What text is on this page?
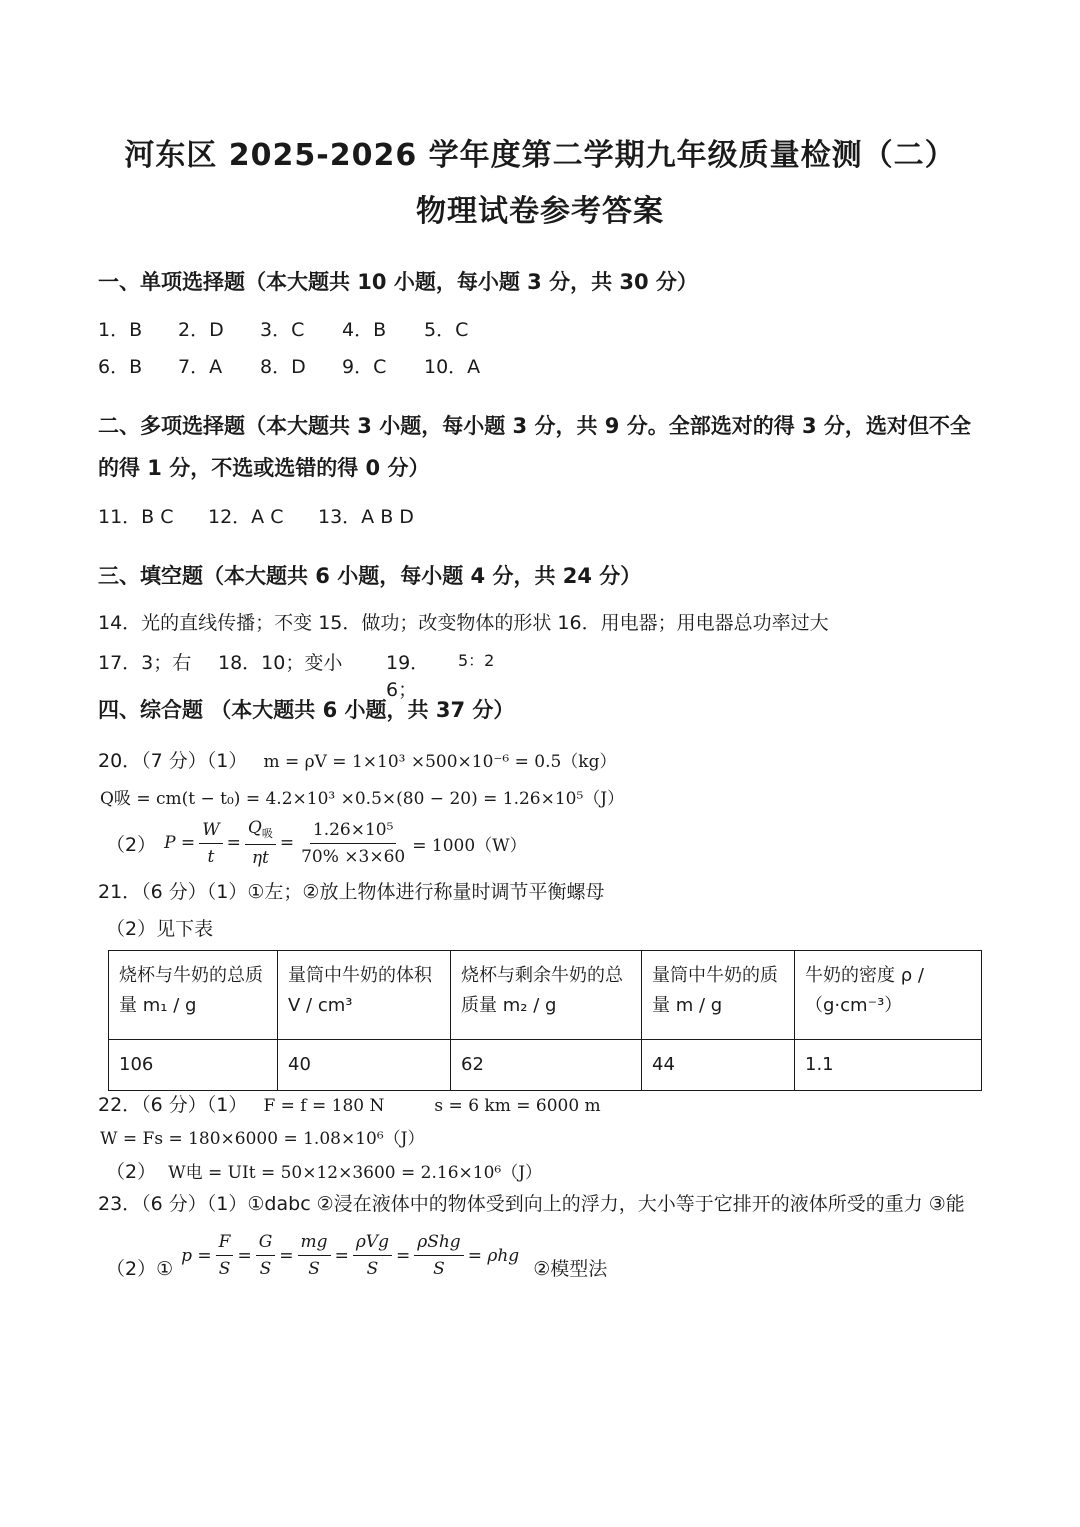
河东区 2025-2026 学年度第二学期九年级质量检测（二）
物理试卷参考答案
一、单项选择题（本大题共 10 小题，每小题 3 分，共 30 分）
1．B	2．D	3．C	4．B	5．C
6．B	7．A	8．D	9．C	10．A
二、多项选择题（本大题共 3 小题，每小题 3 分，共 9 分。全部选对的得 3 分，选对但不全
的得 1 分，不选或选错的得 0 分）
11．B C	12．A C	13．A B D
三、填空题（本大题共 6 小题，每小题 4 分，共 24 分）
14．光的直线传播；不变 15．做功；改变物体的形状 16．用电器；用电器总功率过大
17．3；右	18．10；变小	19．6；
5：2
四、综合题 （本大题共 6 小题，共 37 分）
20．（7 分）（1） m = ρV = 1×10³ ×500×10⁻⁶ = 0.5（kg）
Q吸 = cm(t − t₀) = 4.2×10³ ×0.5×(80 − 20) = 1.26×10⁵（J）
（2） $P = \frac{W}{t} = \frac{Q_吸}{\eta t} = \frac{\text{1.26×10⁵}}{70\% \times 3\times 60} = 1000(W)$
21．（6 分）（1）①左；②放上物体进行称量时调节平衡螺母
（2）见下表
烧杯与牛奶的总质量 m₁ / g	量筒中牛奶的体积 V / cm³	烧杯与剩余牛奶的总质量 m₂ / g	量筒中牛奶的质量 m / g	牛奶的密度 ρ /（g·cm⁻³）
106	40	62	44	1.1
22．（6 分）（1） F = f = 180 N	s = 6 km = 6000 m
W = Fs = 180×6000 = 1.08×10⁶（J）
（2） W电 = UIt = 50×12×3600 = 2.16×10⁶（J）
23．（6 分）（1）①dabc ②浸在液体中的物体受到向上的浮力，大小等于它排开的液体所受的重力 ③能
（2）①
$p = \frac{F}{S} = \frac{G}{S} = \frac{mg}{S} = \frac{\text{ρVg}}{S} = \frac{\text{ρShg}}{S} = \rho hg$
②模型法
